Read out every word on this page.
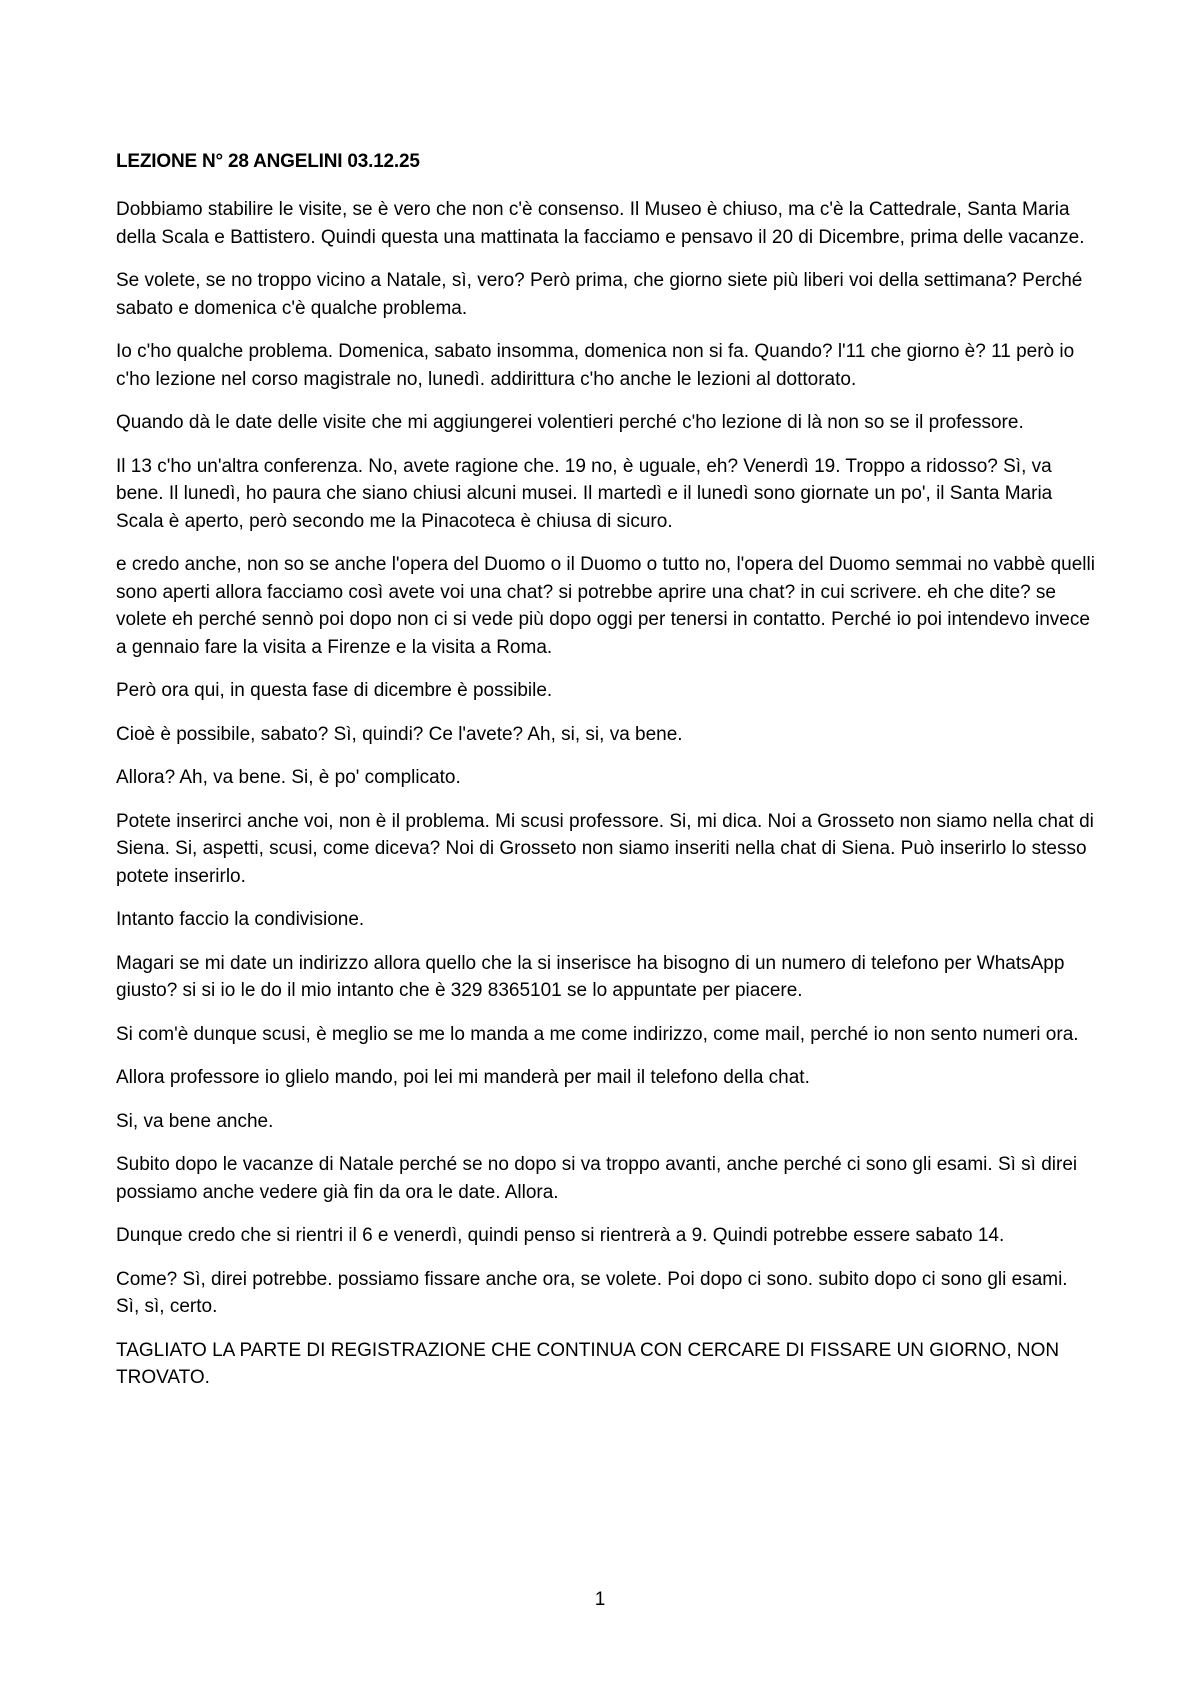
LEZIONE N° 28 ANGELINI 03.12.25

Dobbiamo stabilire le visite, se è vero che non c'è consenso. Il Museo è chiuso, ma c'è la Cattedrale, Santa Maria della Scala e Battistero. Quindi questa una mattinata la facciamo e pensavo il 20 di Dicembre, prima delle vacanze.

Se volete, se no troppo vicino a Natale, sì, vero? Però prima, che giorno siete più liberi voi della settimana? Perché sabato e domenica c'è qualche problema.

Io c'ho qualche problema. Domenica, sabato insomma, domenica non si fa. Quando? l'11 che giorno è? 11 però io c'ho lezione nel corso magistrale no, lunedì. addirittura c'ho anche le lezioni al dottorato.

Quando dà le date delle visite che mi aggiungerei volentieri perché c'ho lezione di là non so se il professore.

Il 13 c'ho un'altra conferenza. No, avete ragione che. 19 no, è uguale, eh? Venerdì 19. Troppo a ridosso? Sì, va bene. Il lunedì, ho paura che siano chiusi alcuni musei. Il martedì e il lunedì sono giornate un po', il Santa Maria Scala è aperto, però secondo me la Pinacoteca è chiusa di sicuro.

e credo anche, non so se anche l'opera del Duomo o il Duomo o tutto no, l'opera del Duomo semmai no vabbè quelli sono aperti allora facciamo così avete voi una chat? si potrebbe aprire una chat? in cui scrivere. eh che dite? se volete eh perché sennò poi dopo non ci si vede più dopo oggi per tenersi in contatto. Perché io poi intendevo invece a gennaio fare la visita a Firenze e la visita a Roma.

Però ora qui, in questa fase di dicembre è possibile.

Cioè è possibile, sabato? Sì, quindi? Ce l'avete? Ah, si, si, va bene.

Allora? Ah, va bene. Si, è po' complicato.

Potete inserirci anche voi, non è il problema. Mi scusi professore. Si, mi dica. Noi a Grosseto non siamo nella chat di Siena. Si, aspetti, scusi, come diceva? Noi di Grosseto non siamo inseriti nella chat di Siena. Può inserirlo lo stesso potete inserirlo.

Intanto faccio la condivisione.

Magari se mi date un indirizzo allora quello che la si inserisce ha bisogno di un numero di telefono per WhatsApp giusto? si si io le do il mio intanto che è 329 8365101 se lo appuntate per piacere.

Si com'è dunque scusi, è meglio se me lo manda a me come indirizzo, come mail, perché io non sento numeri ora.

Allora professore io glielo mando, poi lei mi manderà per mail il telefono della chat.

Si, va bene anche.

Subito dopo le vacanze di Natale perché se no dopo si va troppo avanti, anche perché ci sono gli esami. Sì sì direi possiamo anche vedere già fin da ora le date. Allora.

Dunque credo che si rientri il 6 e venerdì, quindi penso si rientrerà a 9. Quindi potrebbe essere sabato 14.

Come? Sì, direi potrebbe. possiamo fissare anche ora, se volete. Poi dopo ci sono. subito dopo ci sono gli esami. Sì, sì, certo.

TAGLIATO LA PARTE DI REGISTRAZIONE CHE CONTINUA CON CERCARE DI FISSARE UN GIORNO, NON TROVATO.

1
